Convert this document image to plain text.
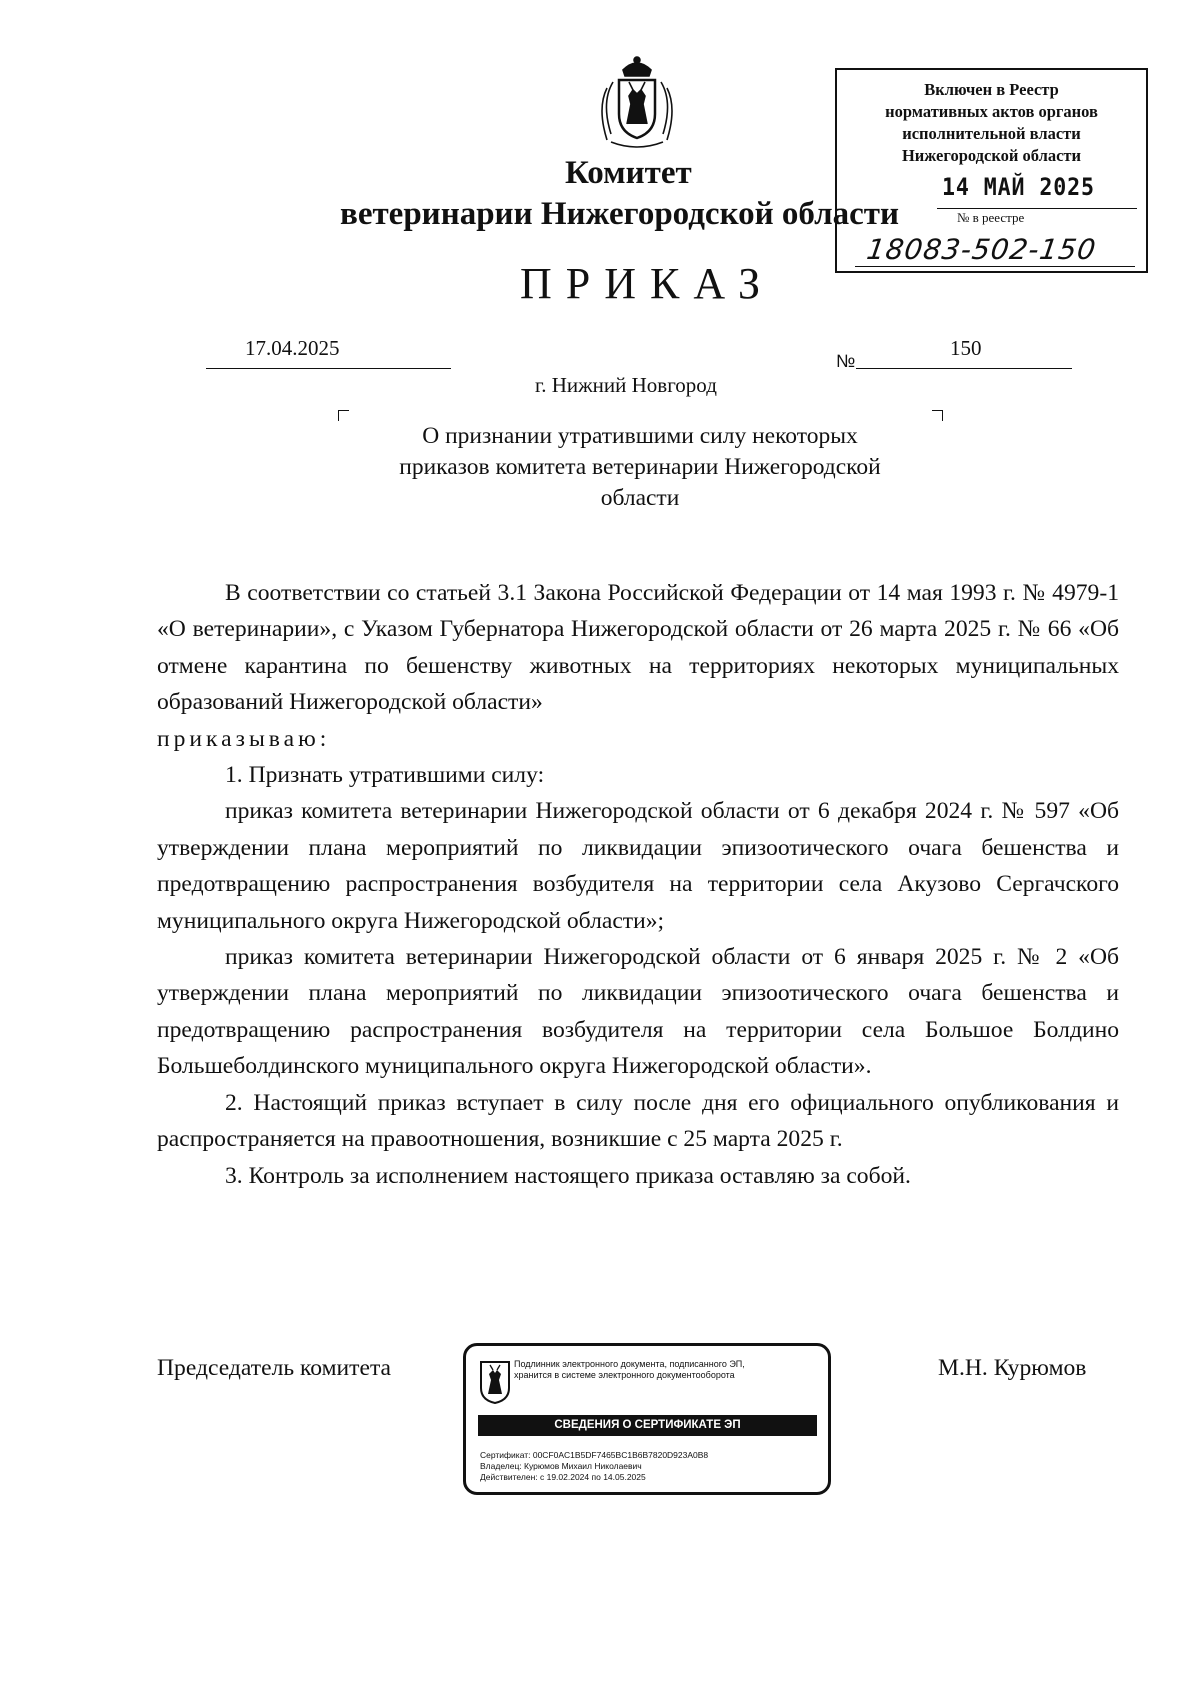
Комитет
ветеринарии Нижегородской области
ПРИКАЗ
17.04.2025
№
150
г. Нижний Новгород
О признании утратившими силу некоторых
приказов комитета ветеринарии Нижегородской
области
Включен в Реестр
нормативных актов органов
исполнительной власти
Нижегородской области
14 МАЙ 2025
№ в реестре
18083-502-150

В соответствии со статьей 3.1 Закона Российской Федерации от 14 мая 1993 г. № 4979-1 «О ветеринарии», с Указом Губернатора Нижегородской области от 26 марта 2025 г. № 66 «Об отмене карантина по бешенству животных на территориях некоторых муниципальных образований Нижегородской области»

приказываю:

1. Признать утратившими силу:

приказ комитета ветеринарии Нижегородской области от 6 декабря 2024 г. № 597 «Об утверждении плана мероприятий по ликвидации эпизоотического очага бешенства и предотвращению распространения возбудителя на территории села Акузово Сергачского муниципального округа Нижегородской области»;

приказ комитета ветеринарии Нижегородской области от 6 января 2025 г. № 2 «Об утверждении плана мероприятий по ликвидации эпизоотического очага бешенства и предотвращению распространения возбудителя на территории села Большое Болдино Большеболдинского муниципального округа Нижегородской области».

2. Настоящий приказ вступает в силу после дня его официального опубликования и распространяется на правоотношения, возникшие с 25 марта 2025 г.

3. Контроль за исполнением настоящего приказа оставляю за собой.

Председатель комитета	М.Н. Курюмов
Подлинник электронного документа, подписанного ЭП,
хранится в системе электронного документооборота
СВЕДЕНИЯ О СЕРТИФИКАТЕ ЭП
Сертификат: 00CF0AC1B5DF7465BC1B6B7820D923A0B8
Владелец: Курюмов Михаил Николаевич
Действителен: с 19.02.2024 по 14.05.2025
